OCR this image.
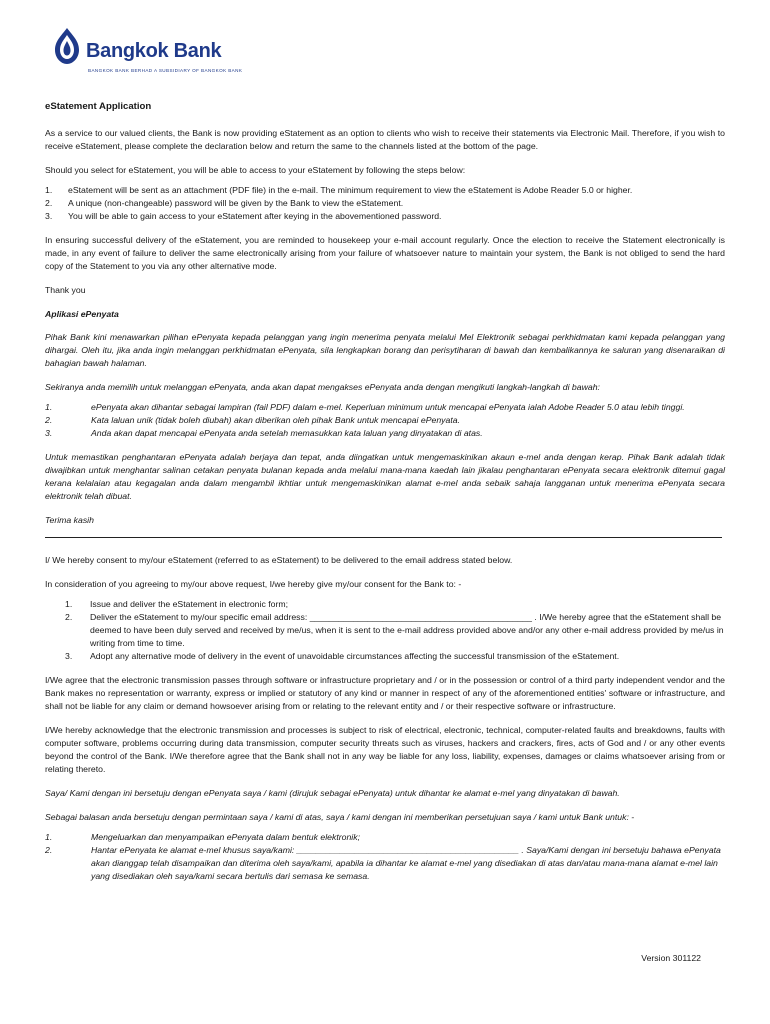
Bangkok Bank
BANGKOK BANK BERHAD A SUBSIDIARY OF BANGKOK BANK
eStatement Application

As a service to our valued clients, the Bank is now providing eStatement as an option to clients who wish to receive their statements via Electronic Mail. Therefore, if you wish to receive eStatement, please complete the declaration below and return the same to the channels listed at the bottom of the page.

Should you select for eStatement, you will be able to access to your eStatement by following the steps below:

1. eStatement will be sent as an attachment (PDF file) in the e-mail. The minimum requirement to view the eStatement is Adobe Reader 5.0 or higher.
2. A unique (non-changeable) password will be given by the Bank to view the eStatement.
3. You will be able to gain access to your eStatement after keying in the abovementioned password.

In ensuring successful delivery of the eStatement, you are reminded to housekeep your e-mail account regularly. Once the election to receive the Statement electronically is made, in any event of failure to deliver the same electronically arising from your failure of whatsoever nature to maintain your system, the Bank is not obliged to send the hard copy of the Statement to you via any other alternative mode.

Thank you

Aplikasi ePenyata

Pihak Bank kini menawarkan pilihan ePenyata kepada pelanggan yang ingin menerima penyata melalui Mel Elektronik sebagai perkhidmatan kami kepada pelanggan yang dihargai. Oleh itu, jika anda ingin melanggan perkhidmatan ePenyata, sila lengkapkan borang dan perisytiharan di bawah dan kembalikannya ke saluran yang disenaraikan di bahagian bawah halaman.

Sekiranya anda memilih untuk melanggan ePenyata, anda akan dapat mengakses ePenyata anda dengan mengikuti langkah-langkah di bawah:

1.	ePenyata akan dihantar sebagai lampiran (fail PDF) dalam e-mel. Keperluan minimum untuk mencapai ePenyata ialah Adobe Reader 5.0 atau lebih tinggi.
2.	Kata laluan unik (tidak boleh diubah) akan diberikan oleh pihak Bank untuk mencapai ePenyata.
3.	Anda akan dapat mencapai ePenyata anda setelah memasukkan kata laluan yang dinyatakan di atas.

Untuk memastikan penghantaran ePenyata adalah berjaya dan tepat, anda diingatkan untuk mengemaskinikan akaun e-mel anda dengan kerap. Pihak Bank adalah tidak diwajibkan untuk menghantar salinan cetakan penyata bulanan kepada anda melalui mana-mana kaedah lain jikalau penghantaran ePenyata secara elektronik ditemui gagal kerana kelalaian atau kegagalan anda dalam mengambil ikhtiar untuk mengemaskinikan alamat e-mel anda sebaik sahaja langganan untuk menerima ePenyata secara elektronik telah dibuat.

Terima kasih

I/ We hereby consent to my/our eStatement (referred to as eStatement) to be delivered to the email address stated below.

In consideration of you agreeing to my/our above request, I/we hereby give my/our consent for the Bank to: -

1. Issue and deliver the eStatement in electronic form;
2. Deliver the eStatement to my/our specific email address: ______________________________________________ . I/We hereby agree that the eStatement shall be deemed to have been duly served and received by me/us, when it is sent to the e-mail address provided above and/or any other e-mail address provided by me/us in writing from time to time.
3. Adopt any alternative mode of delivery in the event of unavoidable circumstances affecting the successful transmission of the eStatement.

I/We agree that the electronic transmission passes through software or infrastructure proprietary and / or in the possession or control of a third party independent vendor and the Bank makes no representation or warranty, express or implied or statutory of any kind or manner in respect of any of the aforementioned entities' software or infrastructure, and shall not be liable for any claim or demand howsoever arising from or relating to the relevant entity and / or their respective software or infrastructure.

I/We hereby acknowledge that the electronic transmission and processes is subject to risk of electrical, electronic, technical, computer-related faults and breakdowns, faults with computer software, problems occurring during data transmission, computer security threats such as viruses, hackers and crackers, fires, acts of God and / or any other events beyond the control of the Bank. I/We therefore agree that the Bank shall not in any way be liable for any loss, liability, expenses, damages or claims whatsoever arising from or relating thereto.

Saya/ Kami dengan ini bersetuju dengan ePenyata saya / kami (dirujuk sebagai ePenyata) untuk dihantar ke alamat e-mel yang dinyatakan di bawah.

Sebagai balasan anda bersetuju dengan permintaan saya / kami di atas, saya / kami dengan ini memberikan persetujuan saya / kami untuk Bank untuk: -

1.	Mengeluarkan dan menyampaikan ePenyata dalam bentuk elektronik;
2.	Hantar ePenyata ke alamat e-mel khusus saya/kami: ______________________________________________ . Saya/Kami dengan ini bersetuju bahawa ePenyata akan dianggap telah disampaikan dan diterima oleh saya/kami, apabila ia dihantar ke alamat e-mel yang disediakan di atas dan/atau mana-mana alamat e-mel lain yang disediakan oleh saya/kami secara bertulis dari semasa ke semasa.
Version 301122
